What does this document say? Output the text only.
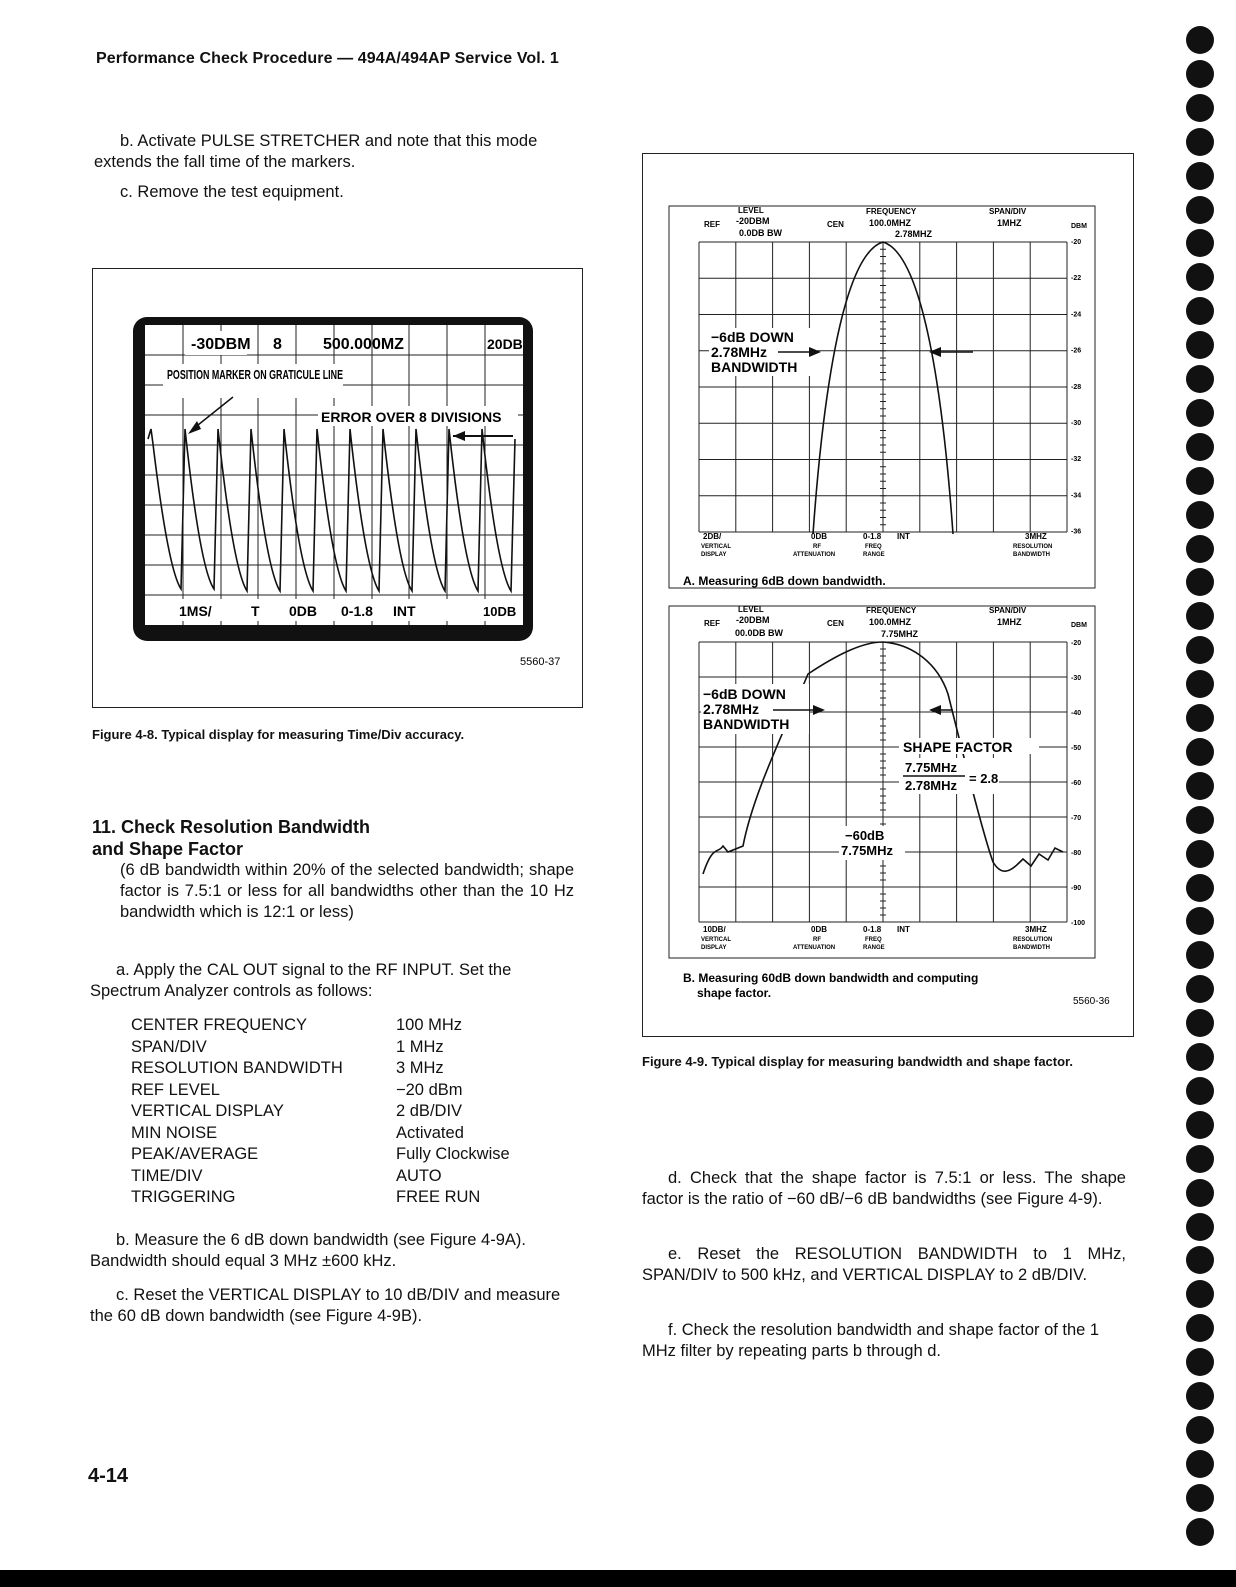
Performance Check Procedure — 494A/494AP Service Vol. 1
b. Activate PULSE STRETCHER and note that this mode extends the fall time of the markers.
c. Remove the test equipment.
-30DBM 8	500.000MZ	20DB
1MS/	T 0DB 0-1.8 INT	10DB
POSITION MARKER ON GRATICULE LINE
ERROR OVER 8 DIVISIONS
5560-37
Figure 4-8. Typical display for measuring Time/Div accuracy.
11. Check Resolution Bandwidth
and Shape Factor
(6 dB bandwidth within 20% of the selected bandwidth; shape factor is 7.5:1 or less for all bandwidths other than the 10 Hz bandwidth which is 12:1 or less)
a. Apply the CAL OUT signal to the RF INPUT. Set the Spectrum Analyzer controls as follows:
CENTER FREQUENCY	100 MHz
SPAN/DIV	1 MHz
RESOLUTION BANDWIDTH	3 MHz
REF LEVEL	−20 dBm
VERTICAL DISPLAY	2 dB/DIV
MIN NOISE	Activated
PEAK/AVERAGE	Fully Clockwise
TIME/DIV	AUTO
TRIGGERING	FREE RUN
b. Measure the 6 dB down bandwidth (see Figure 4-9A). Bandwidth should equal 3 MHz ±600 kHz.
c. Reset the VERTICAL DISPLAY to 10 dB/DIV and measure the 60 dB down bandwidth (see Figure 4-9B).
LEVEL
REF -20DBM
0.0DB BW
CEN
FREQUENCY
100.0MHZ
2.78MHZ
SPAN/DIV
1MHZ	DBM
-20
-22
-24
-26
-28
-30
-32
-34
-36
−6dB DOWN
2.78MHz
BANDWIDTH
2DB/
VERTICAL
DISPLAY
0DB
RF
ATTENUATION
0-1.8
FREQ
RANGE
INT	3MHZ
RESOLUTION
BANDWIDTH
A. Measuring 6dB down bandwidth.
LEVEL
REF -20DBM
00.0DB BW
CEN
FREQUENCY
100.0MHZ
7.75MHZ
SPAN/DIV
1MHZ	DBM
-20
-30
-40
-50
-60
-70
-80
-90
-100
−6dB DOWN
2.78MHz
BANDWIDTH
SHAPE FACTOR
7.75MHz
2.78MHz = 2.8
−60dB
7.75MHz
10DB/
VERTICAL
DISPLAY
0DB
RF
ATTENUATION
0-1.8
FREQ
RANGE
INT	3MHZ
RESOLUTION
BANDWIDTH
B. Measuring 60dB down bandwidth and computing
shape factor.
5560-36
Figure 4-9. Typical display for measuring bandwidth and shape factor.
d. Check that the shape factor is 7.5:1 or less. The shape factor is the ratio of −60 dB/−6 dB bandwidths (see Figure 4-9).
e. Reset the RESOLUTION BANDWIDTH to 1 MHz, SPAN/DIV to 500 kHz, and VERTICAL DISPLAY to 2 dB/DIV.
f. Check the resolution bandwidth and shape factor of the 1 MHz filter by repeating parts b through d.
4-14
